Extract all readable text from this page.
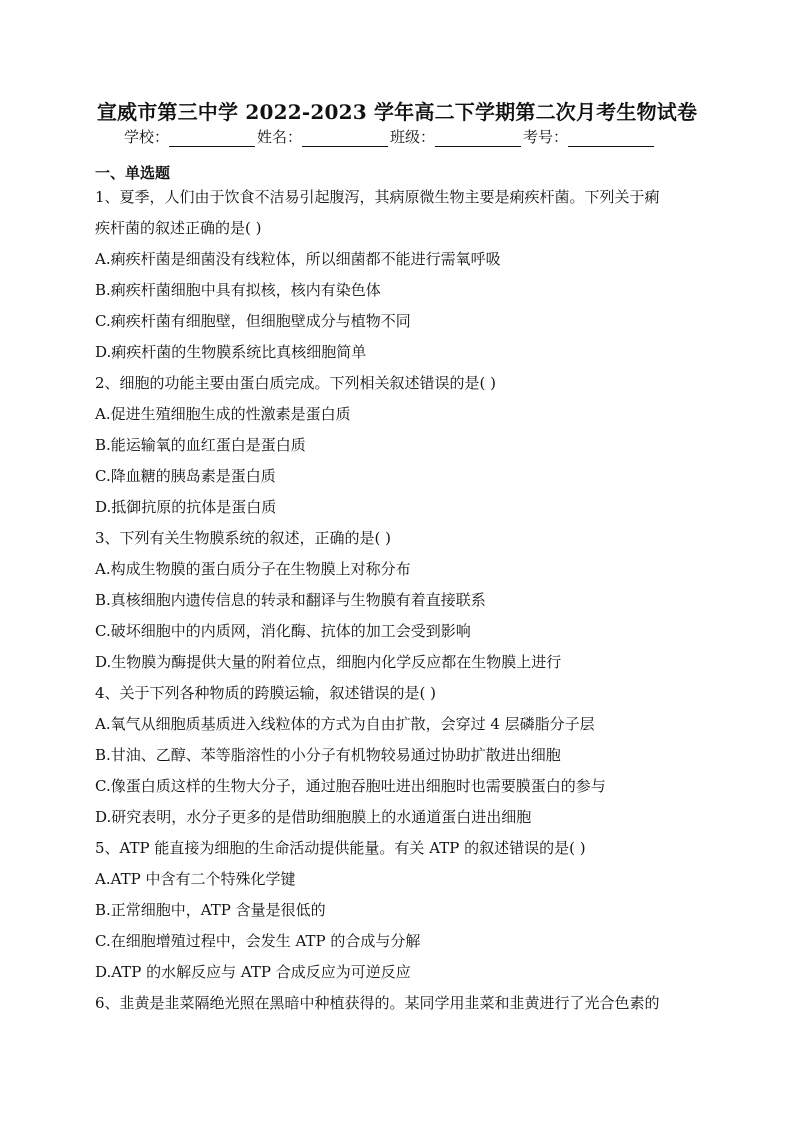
宣威市第三中学 2022-2023 学年高二下学期第二次月考生物试卷
学校：	姓名：	班级：	考号：
一、单选题
1、夏季，人们由于饮食不洁易引起腹泻，其病原微生物主要是痢疾杆菌。下列关于痢
疾杆菌的叙述正确的是( )
A.痢疾杆菌是细菌没有线粒体，所以细菌都不能进行需氧呼吸
B.痢疾杆菌细胞中具有拟核，核内有染色体
C.痢疾杆菌有细胞壁，但细胞壁成分与植物不同
D.痢疾杆菌的生物膜系统比真核细胞简单
2、细胞的功能主要由蛋白质完成。下列相关叙述错误的是( )
A.促进生殖细胞生成的性激素是蛋白质
B.能运输氧的血红蛋白是蛋白质
C.降血糖的胰岛素是蛋白质
D.抵御抗原的抗体是蛋白质
3、下列有关生物膜系统的叙述，正确的是( )
A.构成生物膜的蛋白质分子在生物膜上对称分布
B.真核细胞内遗传信息的转录和翻译与生物膜有着直接联系
C.破坏细胞中的内质网，消化酶、抗体的加工会受到影响
D.生物膜为酶提供大量的附着位点，细胞内化学反应都在生物膜上进行
4、关于下列各种物质的跨膜运输，叙述错误的是( )
A.氧气从细胞质基质进入线粒体的方式为自由扩散，会穿过 4 层磷脂分子层
B.甘油、乙醇、苯等脂溶性的小分子有机物较易通过协助扩散进出细胞
C.像蛋白质这样的生物大分子，通过胞吞胞吐进出细胞时也需要膜蛋白的参与
D.研究表明，水分子更多的是借助细胞膜上的水通道蛋白进出细胞
5、ATP 能直接为细胞的生命活动提供能量。有关 ATP 的叙述错误的是( )
A.ATP 中含有二个特殊化学键
B.正常细胞中，ATP 含量是很低的
C.在细胞增殖过程中，会发生 ATP 的合成与分解
D.ATP 的水解反应与 ATP 合成反应为可逆反应
6、韭黄是韭菜隔绝光照在黑暗中种植获得的。某同学用韭菜和韭黄进行了光合色素的
